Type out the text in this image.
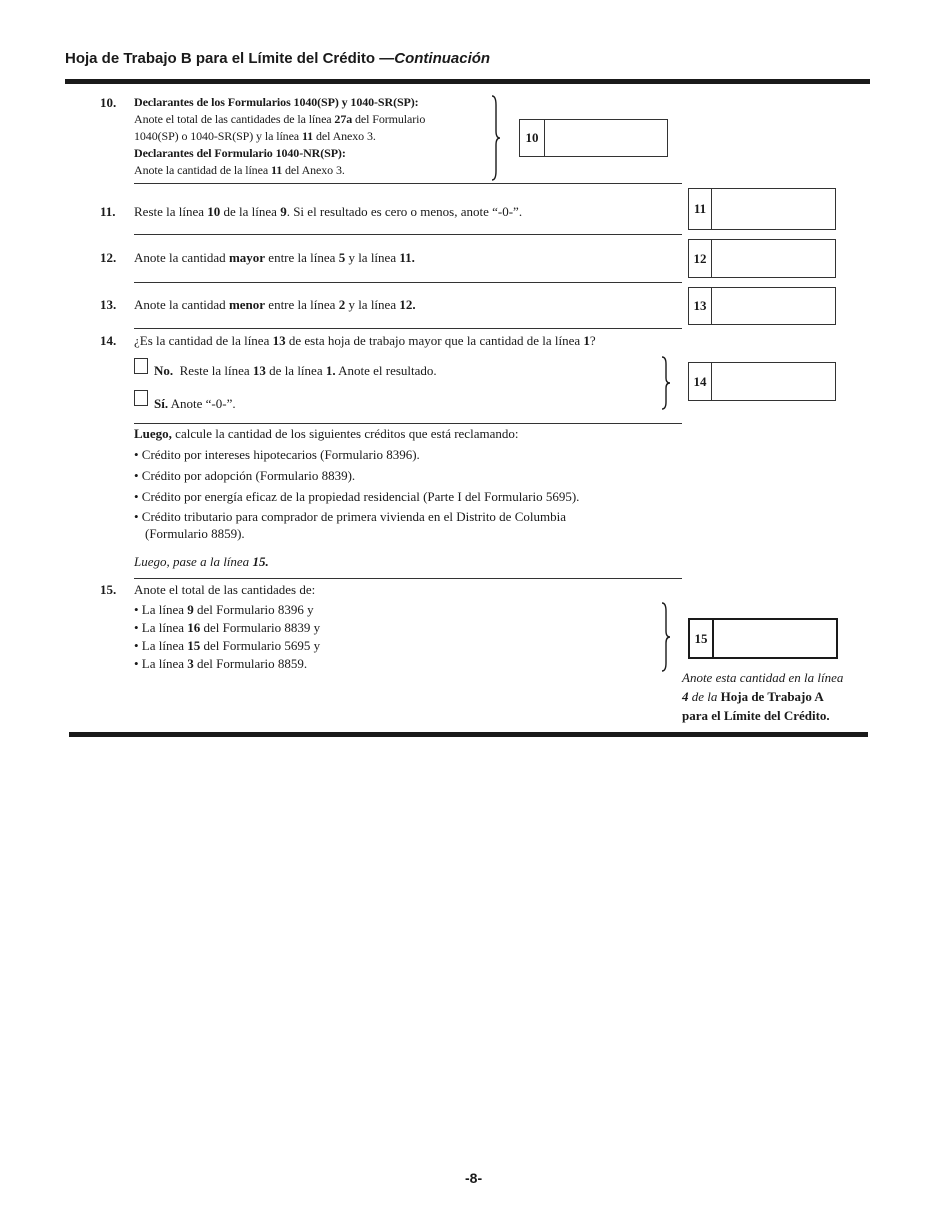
Hoja de Trabajo B para el Límite del Crédito —Continuación
10. Declarantes de los Formularios 1040(SP) y 1040-SR(SP):
Anote el total de las cantidades de la línea 27a del Formulario
1040(SP) o 1040-SR(SP) y la línea 11 del Anexo 3.
Declarantes del Formulario 1040-NR(SP):
Anote la cantidad de la línea 11 del Anexo 3.
10
11. Reste la línea 10 de la línea 9. Si el resultado es cero o menos, anote “-0-”.	11
12. Anote la cantidad mayor entre la línea 5 y la línea 11.	12
13. Anote la cantidad menor entre la línea 2 y la línea 12.	13
14. ¿Es la cantidad de la línea 13 de esta hoja de trabajo mayor que la cantidad de la línea 1?
No.  Reste la línea 13 de la línea 1. Anote el resultado.
Sí. Anote “-0-”.
14
Luego, calcule la cantidad de los siguientes créditos que está reclamando:
• Crédito por intereses hipotecarios (Formulario 8396).
• Crédito por adopción (Formulario 8839).
• Crédito por energía eficaz de la propiedad residencial (Parte I del Formulario 5695).
• Crédito tributario para comprador de primera vivienda en el Distrito de Columbia
(Formulario 8859).
Luego, pase a la línea 15.
15. Anote el total de las cantidades de:
• La línea 9 del Formulario 8396 y
• La línea 16 del Formulario 8839 y
• La línea 15 del Formulario 5695 y
• La línea 3 del Formulario 8859.
15
Anote esta cantidad en la línea
4 de la Hoja de Trabajo A
para el Límite del Crédito.
-8-
